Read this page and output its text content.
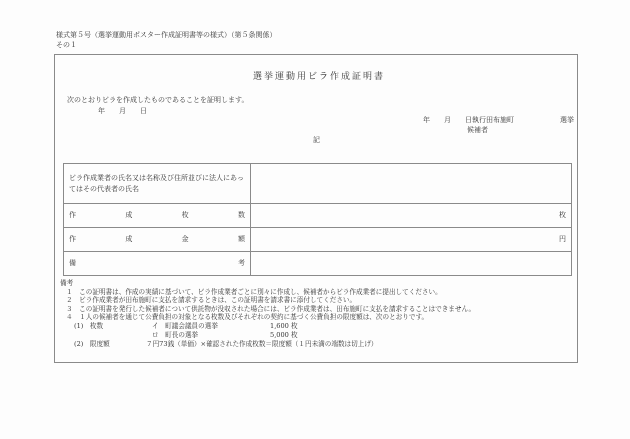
様式第５号（選挙運動用ポスター作成証明書等の様式）（第５条関係）
その１
選挙運動用ビラ作成証明書
次のとおりビラを作成したものであることを証明します。
年　　月　　日
年　　月　　日執行田布施町	選挙
候補者
記
ビラ作成業者の氏名又は名称及び住所並びに法人にあってはその代表者の氏名	

作 成 枚 数	枚

作 成 金 額	円

備 考	

備考
１　この証明書は、作成の実績に基づいて、ビラ作成業者ごとに別々に作成し、候補者からビラ作成業者に提出してください。
２　ビラ作成業者が田布施町に支払を請求するときは、この証明書を請求書に添付してください。
３　この証明書を発行した候補者について供託物が没収された場合には、ビラ作成業者は、田布施町に支払を請求することはできません。
４　１人の候補者を通じて公費負担の対象となる枚数及びそれぞれの契約に基づく公費負担の限度額は、次のとおりです。
(1)　枚数	イ　町議会議員の選挙	1,600 枚
ロ　町長の選挙	5,000 枚
(2)　限度額	７円73銭（単価）×確認された作成枚数＝限度額（１円未満の端数は切上げ）
